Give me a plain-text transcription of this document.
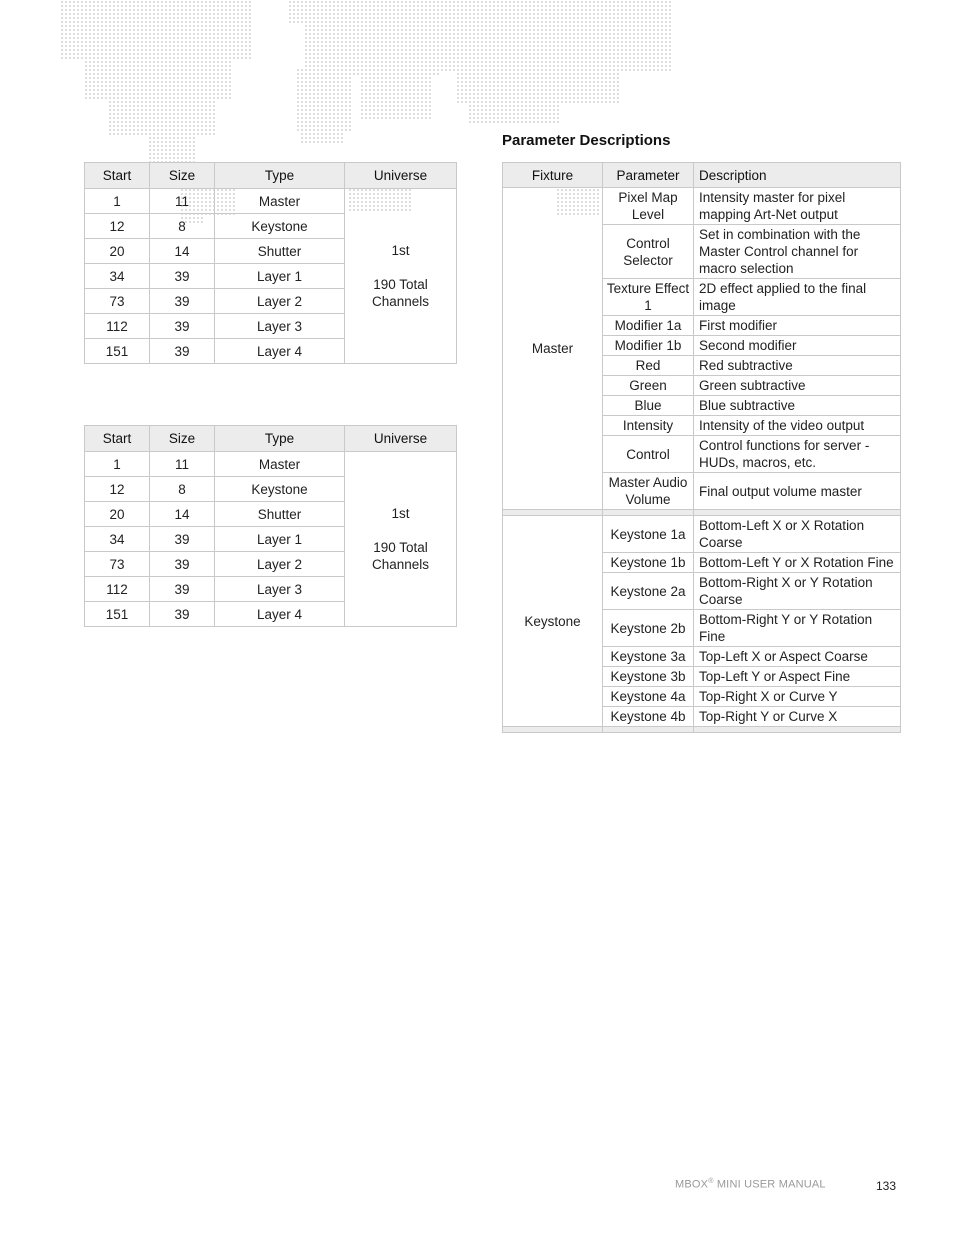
Start	Size	Type	Universe
1	11	Master	1st
190 Total
Channels

12	8	Keystone	
20	14	Shutter	
34	39	Layer 1	
73	39	Layer 2	
112	39	Layer 3	
151	39	Layer 4	
Start	Size	Type	Universe
1	11	Master	1st
190 Total
Channels

12	8	Keystone	
20	14	Shutter	
34	39	Layer 1	
73	39	Layer 2	
112	39	Layer 3	
151	39	Layer 4	
Parameter Descriptions
Fixture	Parameter	Description
Master	Pixel Map Level	Intensity master for pixel mapping Art-Net output
	Control Selector	Set in combination with the Master Control channel for macro selection
	Texture Effect 1	2D effect applied to the final image
	Modifier 1a	First modifier
	Modifier 1b	Second modifier
	Red	Red subtractive
	Green	Green subtractive
	Blue	Blue subtractive
	Intensity	Intensity of the video output
	Control	Control functions for server - HUDs, macros, etc.
	Master Audio Volume	Final output volume master

Keystone	Keystone 1a	Bottom-Left X or X Rotation Coarse
	Keystone 1b	Bottom-Left Y or X Rotation Fine
	Keystone 2a	Bottom-Right X or Y Rotation Coarse
	Keystone 2b	Bottom-Right Y or Y Rotation Fine
	Keystone 3a	Top-Left X or Aspect Coarse
	Keystone 3b	Top-Left Y or Aspect Fine
	Keystone 4a	Top-Right X or Curve Y
	Keystone 4b	Top-Right Y or Curve X

MBOX® MINI USER MANUAL	133
